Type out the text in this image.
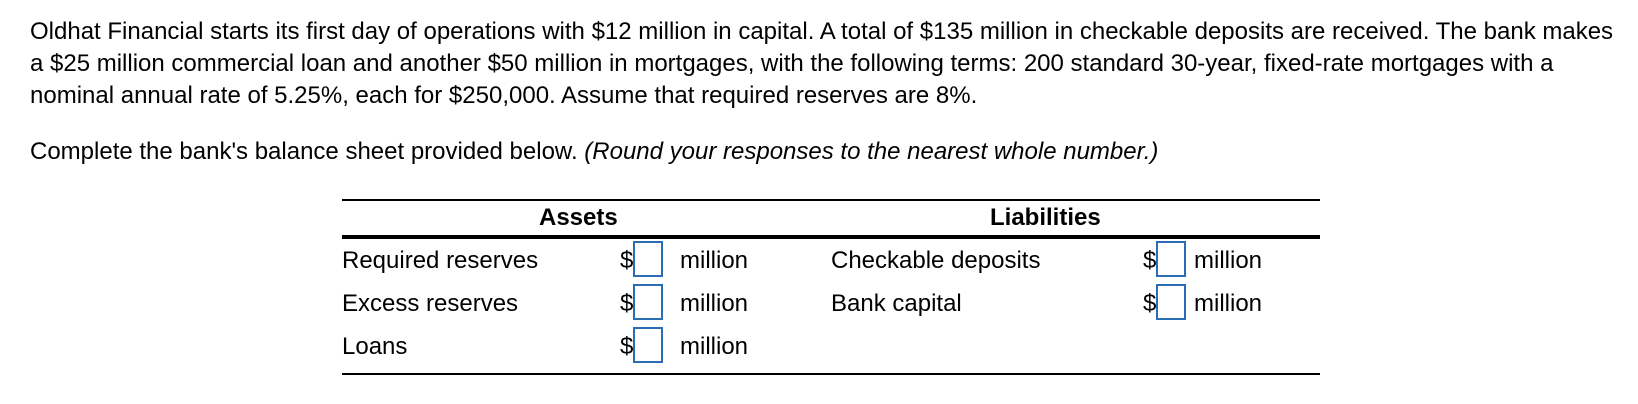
Oldhat Financial starts its first day of operations with $12 million in capital. A total of $135 million in checkable deposits are received. The bank makes a $25 million commercial loan and another $50 million in mortgages, with the following terms: 200 standard 30-year, fixed-rate mortgages with a nominal annual rate of 5.25%, each for $250,000. Assume that required reserves are 8%.

Complete the bank's balance sheet provided below. (Round your responses to the nearest whole number.)
Assets	Liabilities
Required reserves	$ million	Checkable deposits	$ million
Excess reserves	$ million	Bank capital	$ million
Loans	$ million
